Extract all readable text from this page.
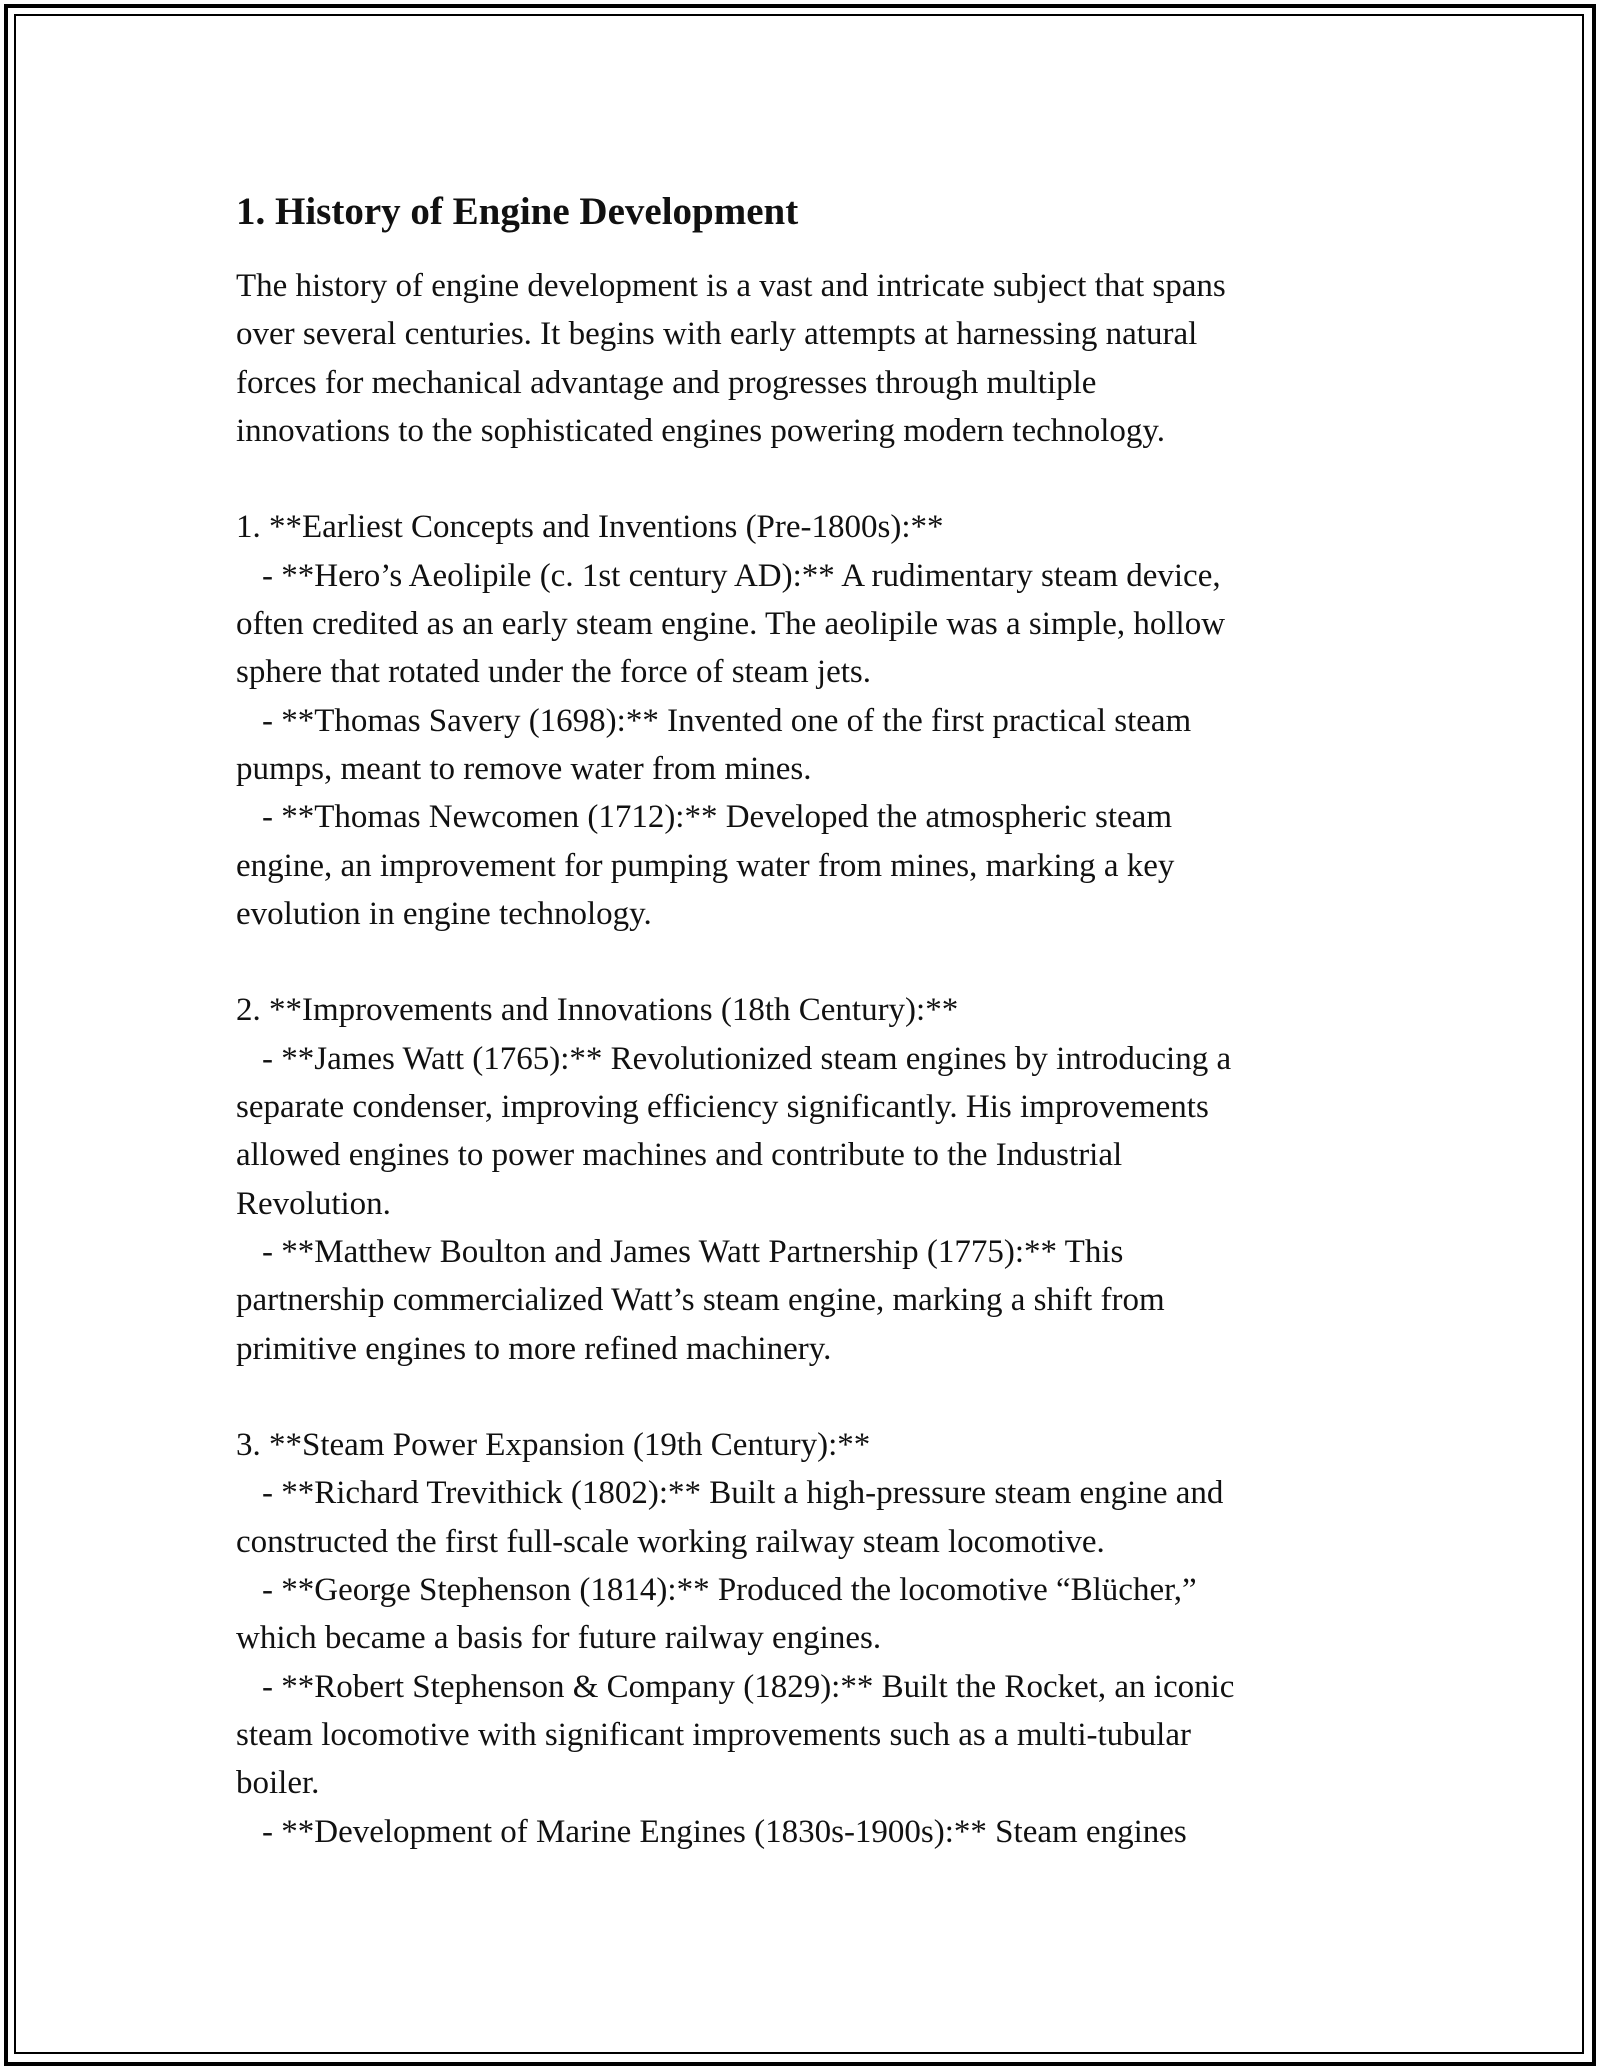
1. History of Engine Development
The history of engine development is a vast and intricate subject that spans
over several centuries. It begins with early attempts at harnessing natural
forces for mechanical advantage and progresses through multiple
innovations to the sophisticated engines powering modern technology.
1. **Earliest Concepts and Inventions (Pre-1800s):**
- **Hero’s Aeolipile (c. 1st century AD):** A rudimentary steam device,
often credited as an early steam engine. The aeolipile was a simple, hollow
sphere that rotated under the force of steam jets.
- **Thomas Savery (1698):** Invented one of the first practical steam
pumps, meant to remove water from mines.
- **Thomas Newcomen (1712):** Developed the atmospheric steam
engine, an improvement for pumping water from mines, marking a key
evolution in engine technology.
2. **Improvements and Innovations (18th Century):**
- **James Watt (1765):** Revolutionized steam engines by introducing a
separate condenser, improving efficiency significantly. His improvements
allowed engines to power machines and contribute to the Industrial
Revolution.
- **Matthew Boulton and James Watt Partnership (1775):** This
partnership commercialized Watt’s steam engine, marking a shift from
primitive engines to more refined machinery.
3. **Steam Power Expansion (19th Century):**
- **Richard Trevithick (1802):** Built a high-pressure steam engine and
constructed the first full-scale working railway steam locomotive.
- **George Stephenson (1814):** Produced the locomotive “Blücher,”
which became a basis for future railway engines.
- **Robert Stephenson & Company (1829):** Built the Rocket, an iconic
steam locomotive with significant improvements such as a multi-tubular
boiler.
- **Development of Marine Engines (1830s-1900s):** Steam engines
